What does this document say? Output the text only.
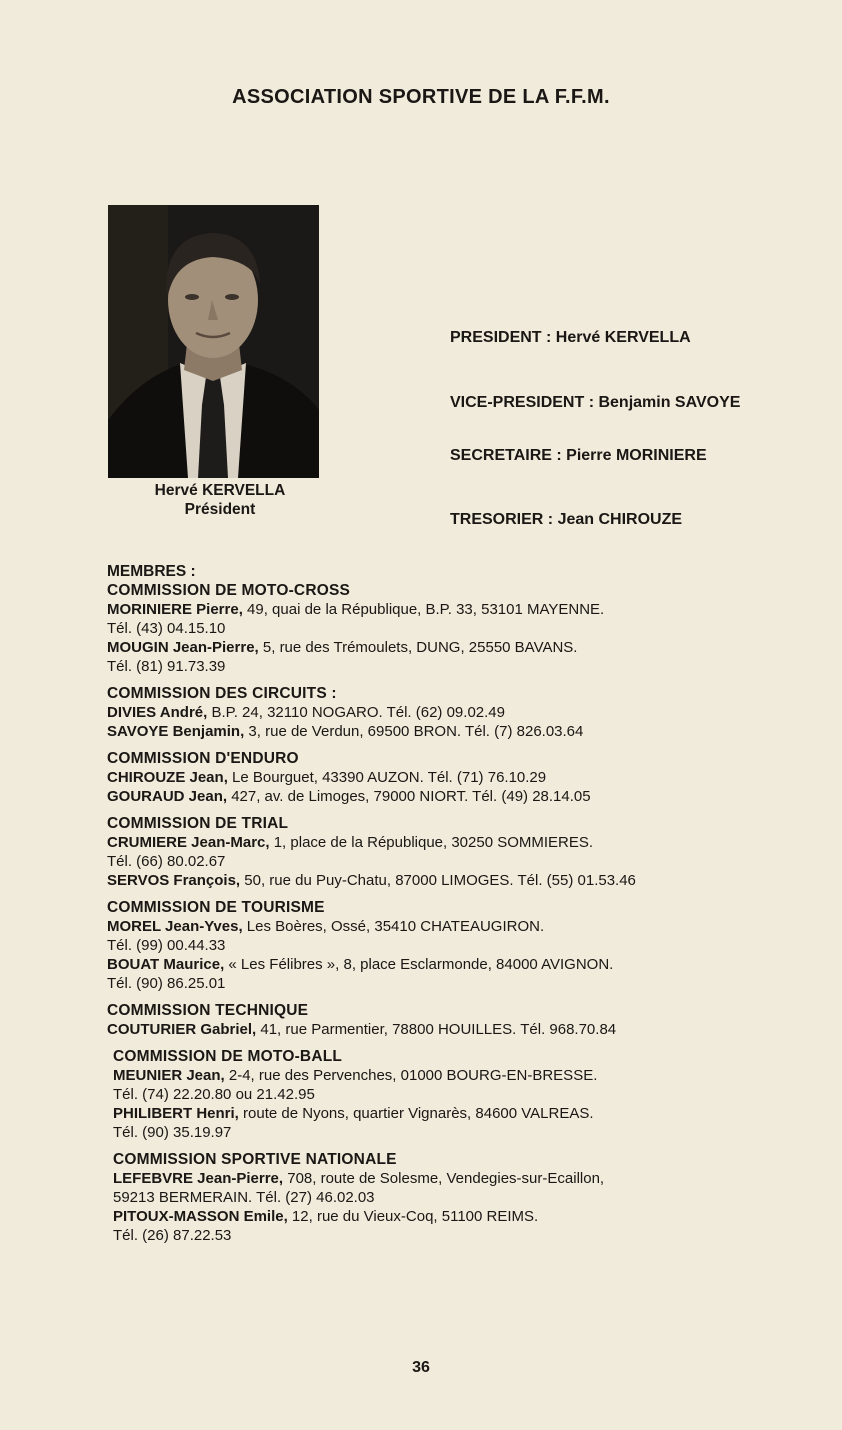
ASSOCIATION SPORTIVE DE LA F.F.M.
Hervé KERVELLA
Président
PRESIDENT : Hervé KERVELLA
VICE-PRESIDENT : Benjamin SAVOYE
SECRETAIRE : Pierre MORINIERE
TRESORIER : Jean CHIROUZE
MEMBRES :
COMMISSION DE MOTO-CROSS
MORINIERE Pierre, 49, quai de la République, B.P. 33, 53101 MAYENNE.
Tél. (43) 04.15.10
MOUGIN Jean-Pierre, 5, rue des Trémoulets, DUNG, 25550 BAVANS.
Tél. (81) 91.73.39
COMMISSION DES CIRCUITS :
DIVIES André, B.P. 24, 32110 NOGARO. Tél. (62) 09.02.49
SAVOYE Benjamin, 3, rue de Verdun, 69500 BRON. Tél. (7) 826.03.64
COMMISSION D'ENDURO
CHIROUZE Jean, Le Bourguet, 43390 AUZON. Tél. (71) 76.10.29
GOURAUD Jean, 427, av. de Limoges, 79000 NIORT. Tél. (49) 28.14.05
COMMISSION DE TRIAL
CRUMIERE Jean-Marc, 1, place de la République, 30250 SOMMIERES.
Tél. (66) 80.02.67
SERVOS François, 50, rue du Puy-Chatu, 87000 LIMOGES. Tél. (55) 01.53.46
COMMISSION DE TOURISME
MOREL Jean-Yves, Les Boères, Ossé, 35410 CHATEAUGIRON.
Tél. (99) 00.44.33
BOUAT Maurice, « Les Félibres », 8, place Esclarmonde, 84000 AVIGNON.
Tél. (90) 86.25.01
COMMISSION TECHNIQUE
COUTURIER Gabriel, 41, rue Parmentier, 78800 HOUILLES. Tél. 968.70.84
COMMISSION DE MOTO-BALL
MEUNIER Jean, 2-4, rue des Pervenches, 01000 BOURG-EN-BRESSE.
Tél. (74) 22.20.80 ou 21.42.95
PHILIBERT Henri, route de Nyons, quartier Vignarès, 84600 VALREAS.
Tél. (90) 35.19.97
COMMISSION SPORTIVE NATIONALE
LEFEBVRE Jean-Pierre, 708, route de Solesme, Vendegies-sur-Ecaillon,
59213 BERMERAIN. Tél. (27) 46.02.03
PITOUX-MASSON Emile, 12, rue du Vieux-Coq, 51100 REIMS.
Tél. (26) 87.22.53
36
